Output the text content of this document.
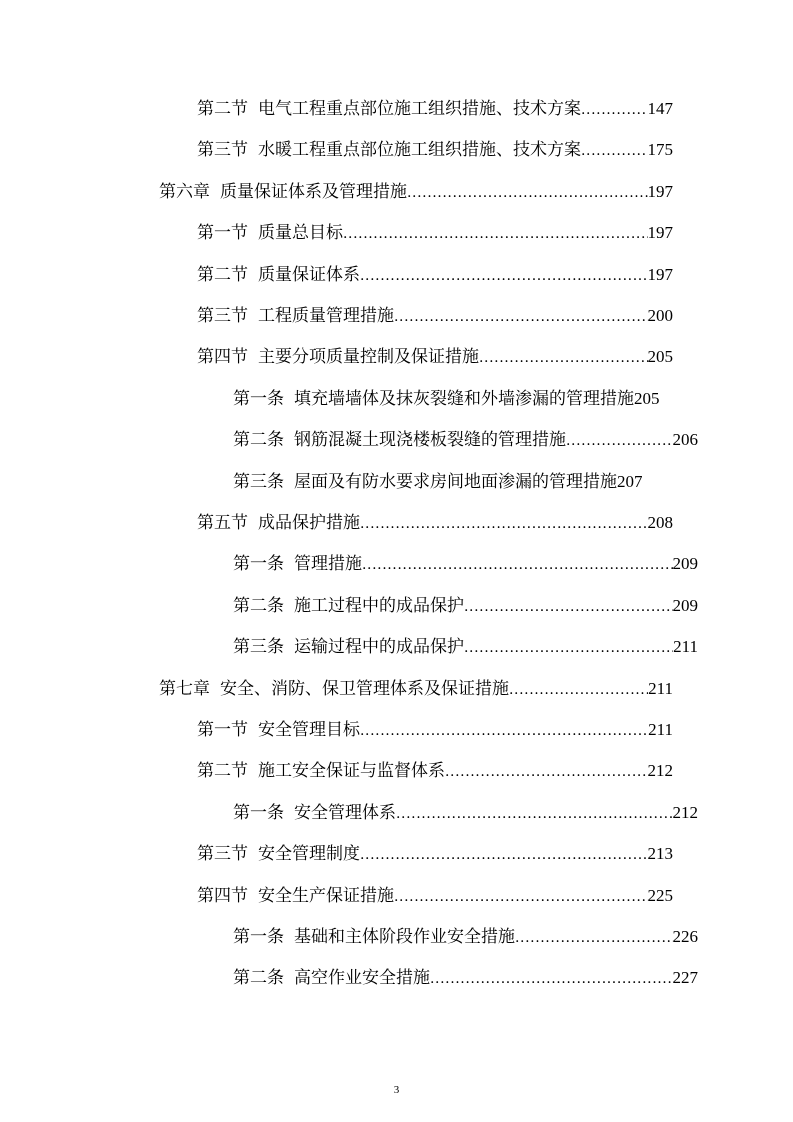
第二节 电气工程重点部位施工组织措施、技术方案 .....	147
第三节 水暖工程重点部位施工组织措施、技术方案 .....	175
第六章 质量保证体系及管理措施 .....	197
第一节 质量总目标 .....	197
第二节 质量保证体系 .....	197
第三节 工程质量管理措施 .....	200
第四节 主要分项质量控制及保证措施 .....	205
第一条 填充墙墙体及抹灰裂缝和外墙渗漏的管理措施 205
第二条 钢筋混凝土现浇楼板裂缝的管理措施 .....	206
第三条 屋面及有防水要求房间地面渗漏的管理措施 207
第五节 成品保护措施 .....	208
第一条 管理措施 .....	209
第二条 施工过程中的成品保护 .....	209
第三条 运输过程中的成品保护 .....	211
第七章 安全、消防、保卫管理体系及保证措施 .....	211
第一节 安全管理目标 .....	211
第二节 施工安全保证与监督体系 .....	212
第一条 安全管理体系 .....	212
第三节 安全管理制度 .....	213
第四节 安全生产保证措施 .....	225
第一条 基础和主体阶段作业安全措施 .....	226
第二条 高空作业安全措施 .....	227
3
